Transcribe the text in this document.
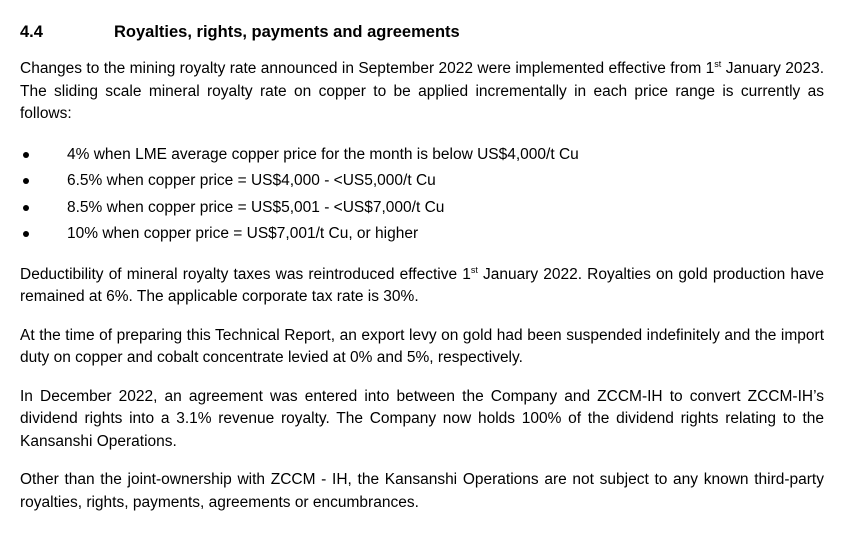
4.4	Royalties, rights, payments and agreements

Changes to the mining royalty rate announced in September 2022 were implemented effective from 1st January 2023. The sliding scale mineral royalty rate on copper to be applied incrementally in each price range is currently as follows:

4% when LME average copper price for the month is below US$4,000/t Cu
6.5% when copper price = US$4,000 - <US5,000/t Cu
8.5% when copper price = US$5,001 - <US$7,000/t Cu
10% when copper price = US$7,001/t Cu, or higher

Deductibility of mineral royalty taxes was reintroduced effective 1st January 2022. Royalties on gold production have remained at 6%. The applicable corporate tax rate is 30%.

At the time of preparing this Technical Report, an export levy on gold had been suspended indefinitely and the import duty on copper and cobalt concentrate levied at 0% and 5%, respectively.

In December 2022, an agreement was entered into between the Company and ZCCM-IH to convert ZCCM-IH’s dividend rights into a 3.1% revenue royalty. The Company now holds 100% of the dividend rights relating to the Kansanshi Operations.

Other than the joint-ownership with ZCCM - IH, the Kansanshi Operations are not subject to any known third-party royalties, rights, payments, agreements or encumbrances.
